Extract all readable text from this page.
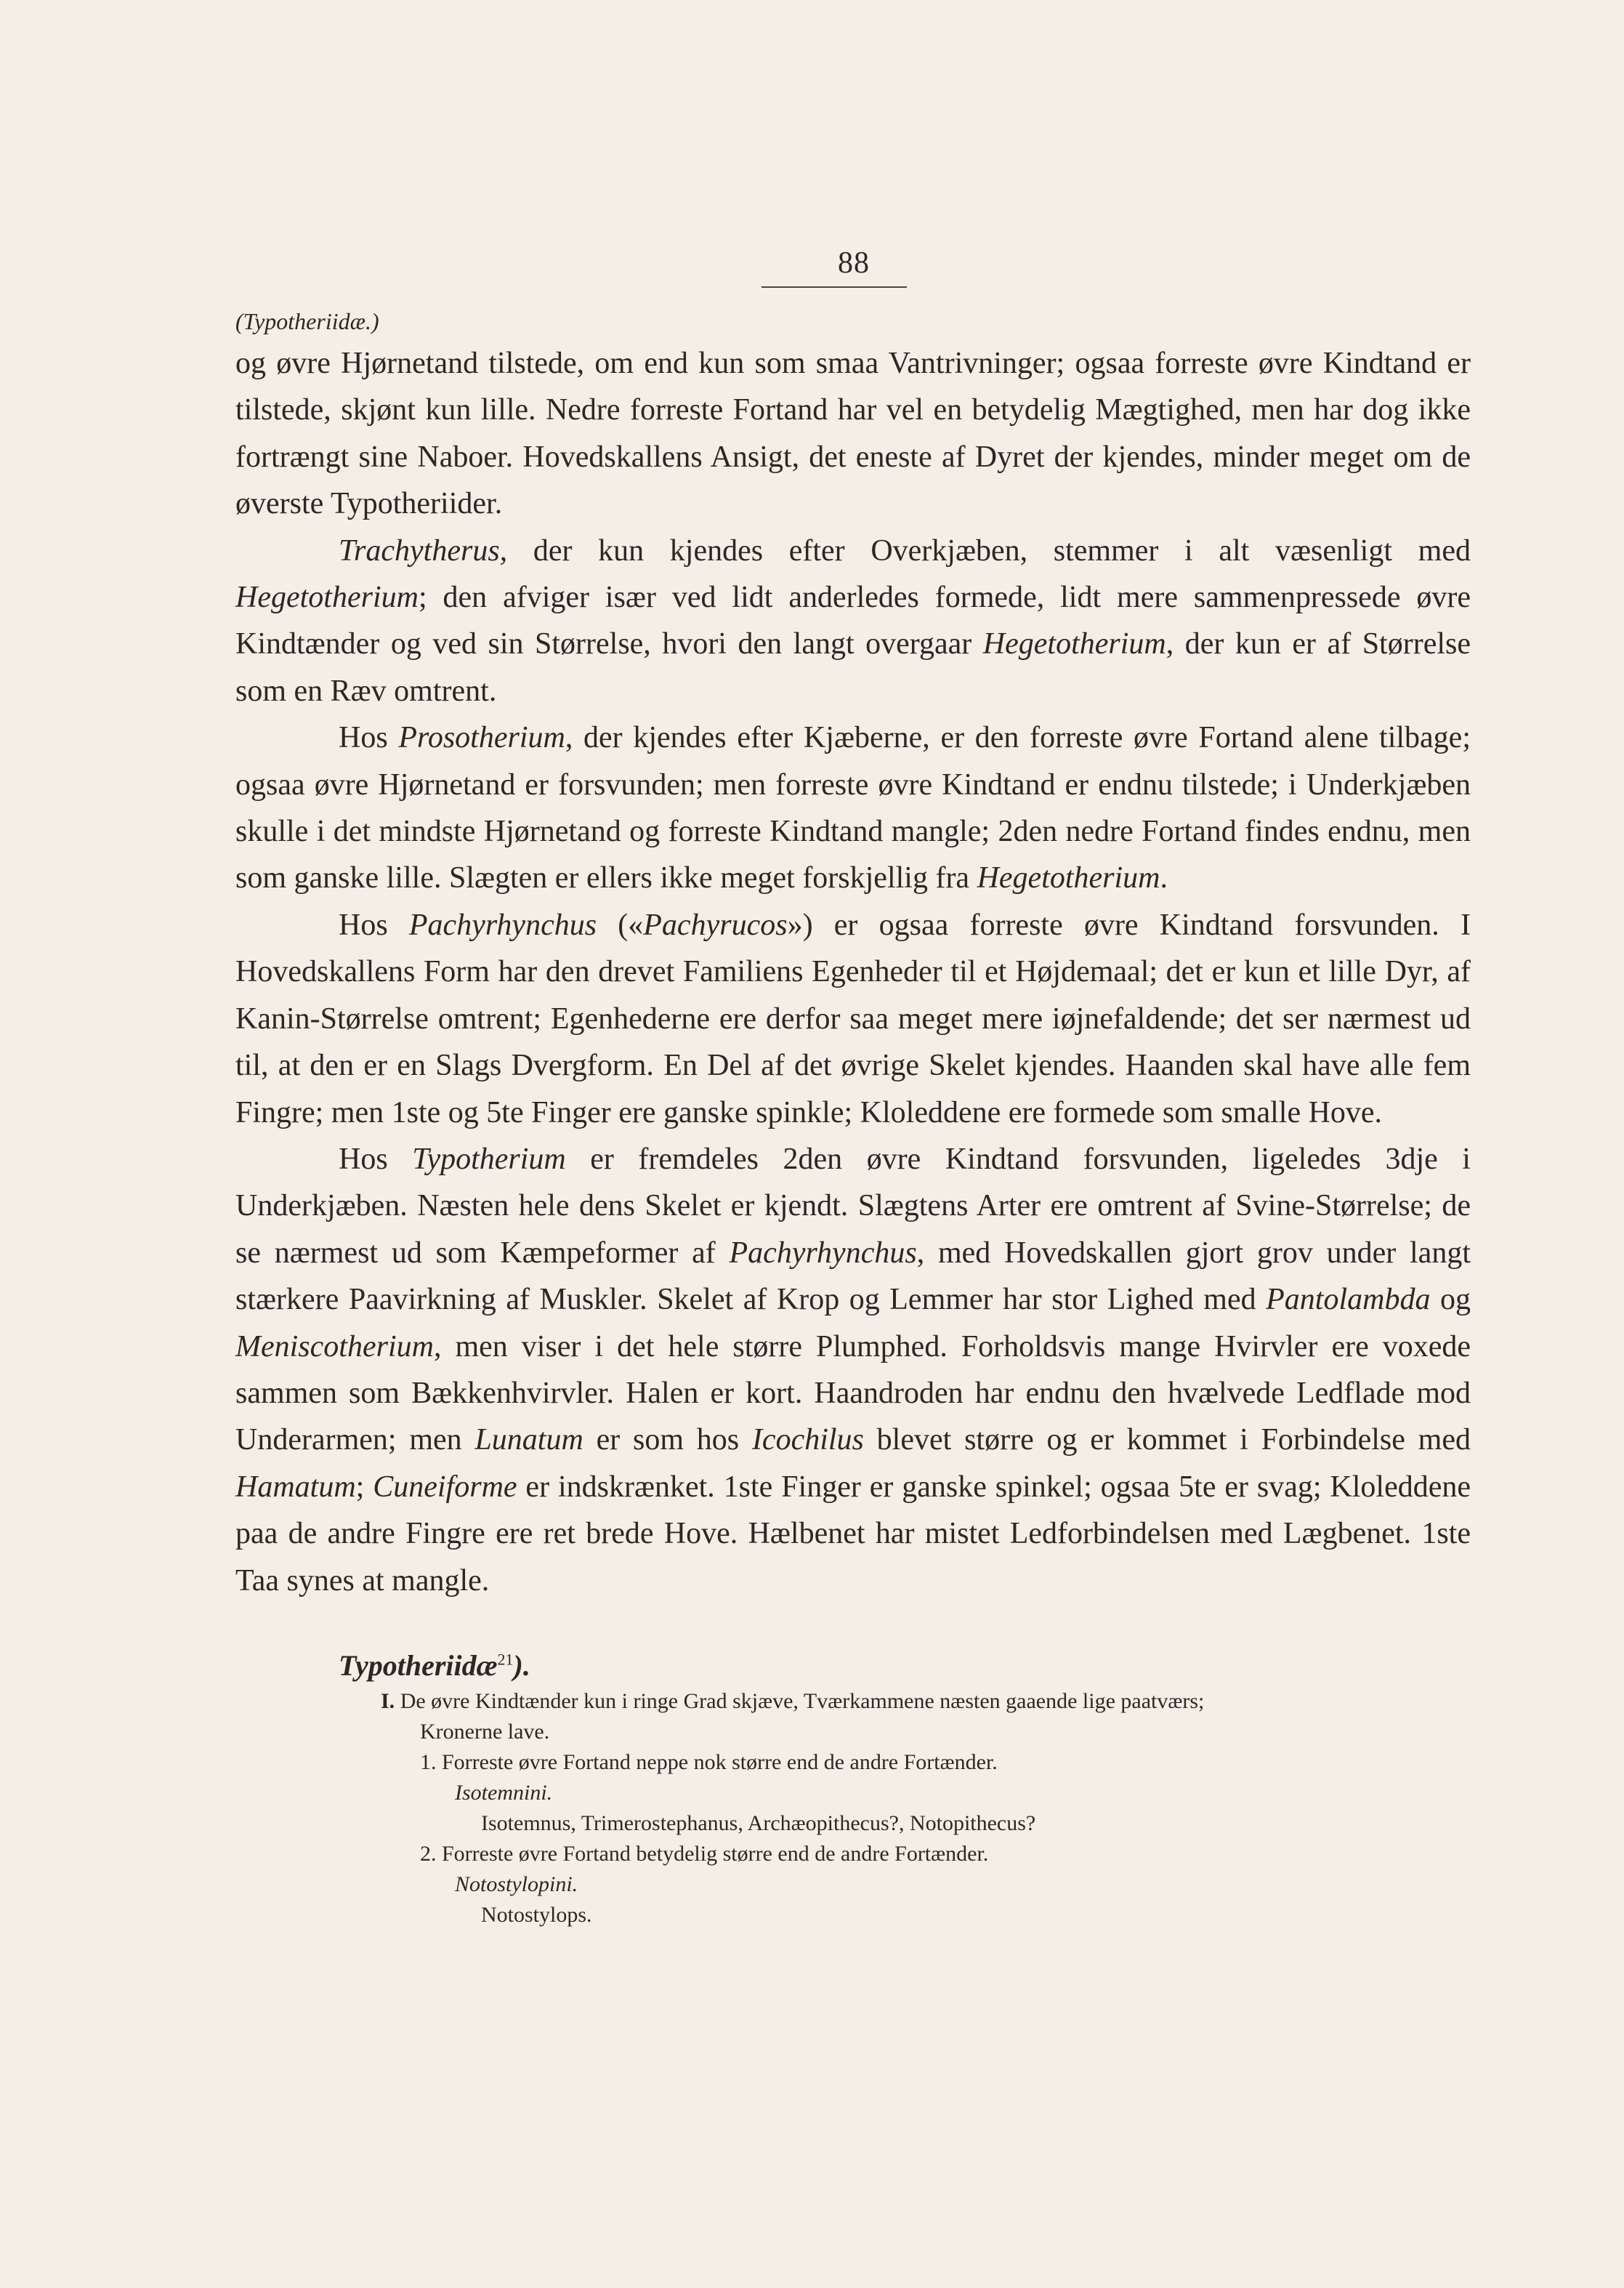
88
(Typotheriidæ.)

og øvre Hjørnetand tilstede, om end kun som smaa Vantrivninger; ogsaa forreste øvre Kindtand er tilstede, skjønt kun lille. Nedre forreste Fortand har vel en betydelig Mægtighed, men har dog ikke fortrængt sine Naboer. Hovedskallens Ansigt, det eneste af Dyret der kjendes, minder meget om de øverste Typotheriider.

Trachytherus, der kun kjendes efter Overkjæben, stemmer i alt væsenligt med Hegetotherium; den afviger især ved lidt anderledes formede, lidt mere sammenpressede øvre Kindtænder og ved sin Størrelse, hvori den langt overgaar Hegetotherium, der kun er af Størrelse som en Ræv omtrent.

Hos Prosotherium, der kjendes efter Kjæberne, er den forreste øvre Fortand alene tilbage; ogsaa øvre Hjørnetand er forsvunden; men forreste øvre Kindtand er endnu tilstede; i Underkjæben skulle i det mindste Hjørnetand og forreste Kindtand mangle; 2den nedre Fortand findes endnu, men som ganske lille. Slægten er ellers ikke meget forskjellig fra Hegetotherium.

Hos Pachyrhynchus («Pachyrucos») er ogsaa forreste øvre Kindtand forsvunden. I Hovedskallens Form har den drevet Familiens Egenheder til et Højdemaal; det er kun et lille Dyr, af Kanin-Størrelse omtrent; Egenhederne ere derfor saa meget mere iøjnefaldende; det ser nærmest ud til, at den er en Slags Dvergform. En Del af det øvrige Skelet kjendes. Haanden skal have alle fem Fingre; men 1ste og 5te Finger ere ganske spinkle; Kloleddene ere formede som smalle Hove.

Hos Typotherium er fremdeles 2den øvre Kindtand forsvunden, ligeledes 3dje i Underkjæben. Næsten hele dens Skelet er kjendt. Slægtens Arter ere omtrent af Svine-Størrelse; de se nærmest ud som Kæmpeformer af Pachyrhynchus, med Hovedskallen gjort grov under langt stærkere Paavirkning af Muskler. Skelet af Krop og Lemmer har stor Lighed med Pantolambda og Meniscotherium, men viser i det hele større Plumphed. Forholdsvis mange Hvirvler ere voxede sammen som Bækkenhvirvler. Halen er kort. Haandroden har endnu den hvælvede Ledflade mod Underarmen; men Lunatum er som hos Icochilus blevet større og er kommet i Forbindelse med Hamatum; Cuneiforme er indskrænket. 1ste Finger er ganske spinkel; ogsaa 5te er svag; Kloleddene paa de andre Fingre ere ret brede Hove. Hælbenet har mistet Ledforbindelsen med Lægbenet. 1ste Taa synes at mangle.

Typotheriidæ$^{21}$).
I. De øvre Kindtænder kun i ringe Grad skjæve, Tværkammene næsten gaaende lige paatværs;
Kronerne lave.
1. Forreste øvre Fortand neppe nok større end de andre Fortænder.
Isotemnini.
Isotemnus, Trimerostephanus, Archæopithecus?, Notopithecus?
2. Forreste øvre Fortand betydelig større end de andre Fortænder.
Notostylopini.
Notostylops.
